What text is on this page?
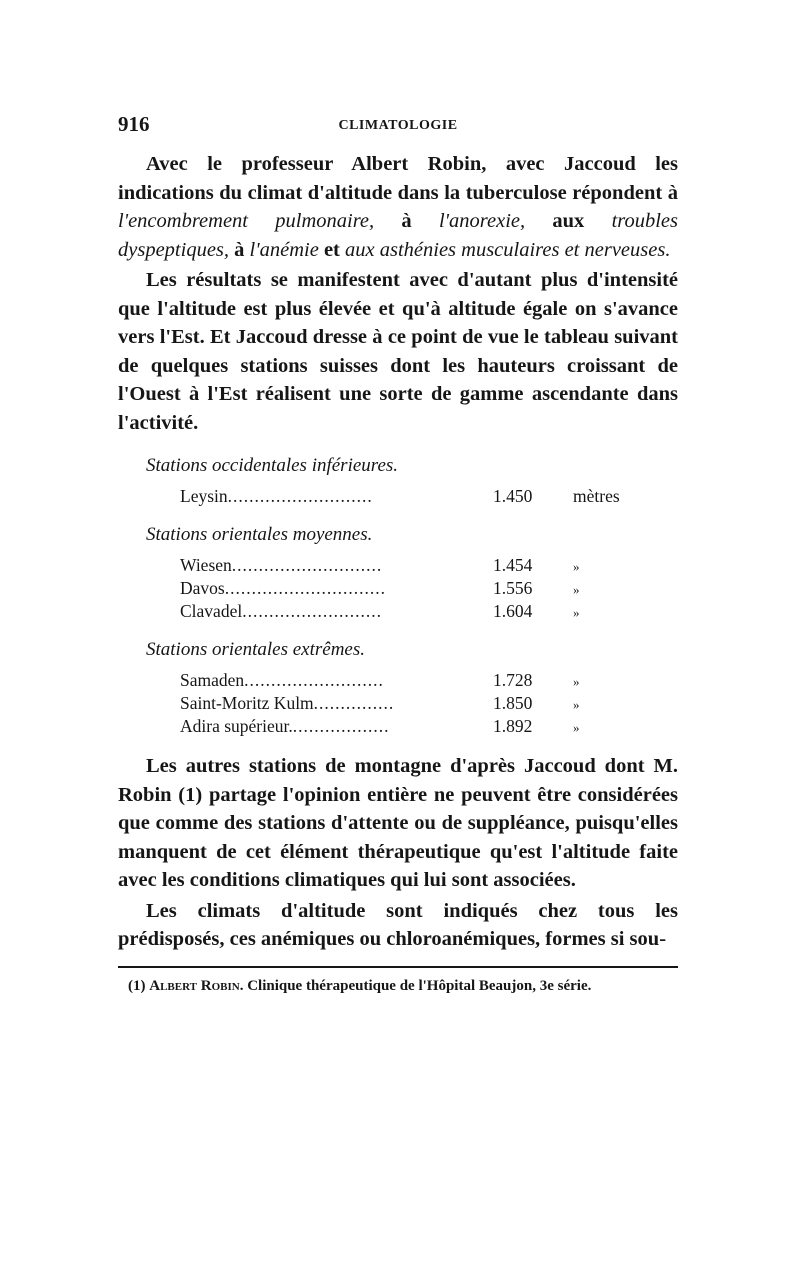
916	CLIMATOLOGIE

Avec le professeur Albert Robin, avec Jaccoud les indications du climat d'altitude dans la tuberculose répondent à l'encombrement pulmonaire, à l'anorexie, aux troubles dyspeptiques, à l'anémie et aux asthénies musculaires et nerveuses.

Les résultats se manifestent avec d'autant plus d'intensité que l'altitude est plus élevée et qu'à altitude égale on s'avance vers l'Est. Et Jaccoud dresse à ce point de vue le tableau suivant de quelques stations suisses dont les hauteurs croissant de l'Ouest à l'Est réalisent une sorte de gamme ascendante dans l'activité.

Stations occidentales inférieures.

Leysin...........................	1.450	mètres

Stations orientales moyennes.

Wiesen............................	1.454	»
Davos..............................	1.556	»
Clavadel..........................	1.604	»

Stations orientales extrêmes.

Samaden..........................	1.728	»
Saint-Moritz Kulm...............	1.850	»
Adira supérieur...................	1.892	»

Les autres stations de montagne d'après Jaccoud dont M. Robin (1) partage l'opinion entière ne peuvent être considérées que comme des stations d'attente ou de suppléance, puisqu'elles manquent de cet élément thérapeutique qu'est l'altitude faite avec les conditions climatiques qui lui sont associées.

Les climats d'altitude sont indiqués chez tous les prédisposés, ces anémiques ou chloroanémiques, formes si sou-

(1) Albert Robin. Clinique thérapeutique de l'Hôpital Beaujon, 3e série.
